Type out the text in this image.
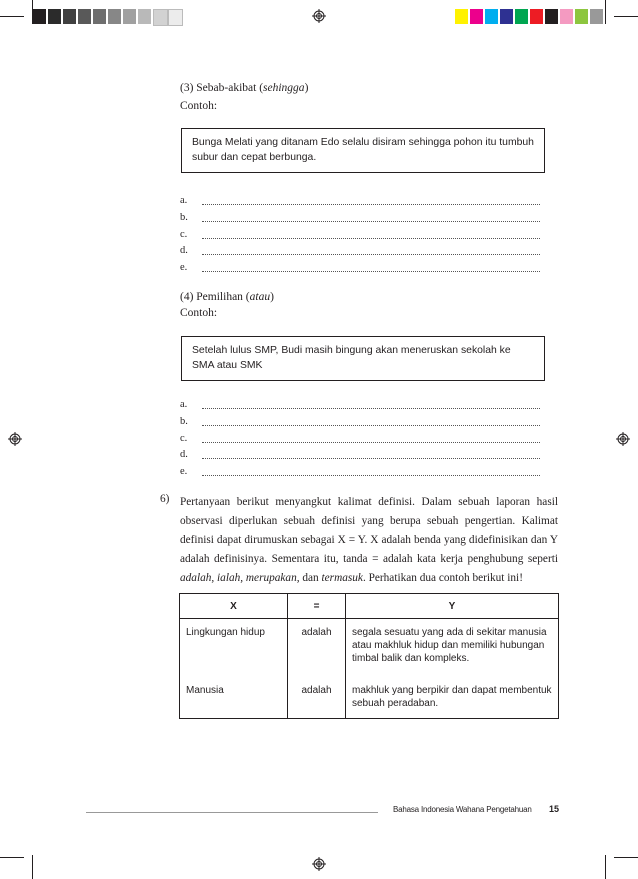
(3) Sebab-akibat (sehingga)
Contoh:
Bunga Melati yang ditanam Edo selalu disiram sehingga pohon itu tumbuh subur dan cepat berbunga.
a.
b.
c.
d.
e.
(4) Pemilihan (atau)
Contoh:
Setelah lulus SMP, Budi masih bingung akan meneruskan sekolah ke SMA atau SMK
a.
b.
c.
d.
e.
6) Pertanyaan berikut menyangkut kalimat definisi. Dalam sebuah laporan hasil observasi diperlukan sebuah definisi yang berupa sebuah pengertian. Kalimat definisi dapat dirumuskan sebagai X = Y. X adalah benda yang didefinisikan dan Y adalah definisinya. Sementara itu, tanda = adalah kata kerja penghubung seperti adalah, ialah, merupakan, dan termasuk. Perhatikan dua contoh berikut ini!
X	=	Y
Lingkungan hidup	adalah	segala sesuatu yang ada di sekitar manusia atau makhluk hidup dan memiliki hubungan timbal balik dan kompleks.
Manusia	adalah	makhluk yang berpikir dan dapat membentuk sebuah peradaban.
Bahasa Indonesia Wahana Pengetahuan 15
